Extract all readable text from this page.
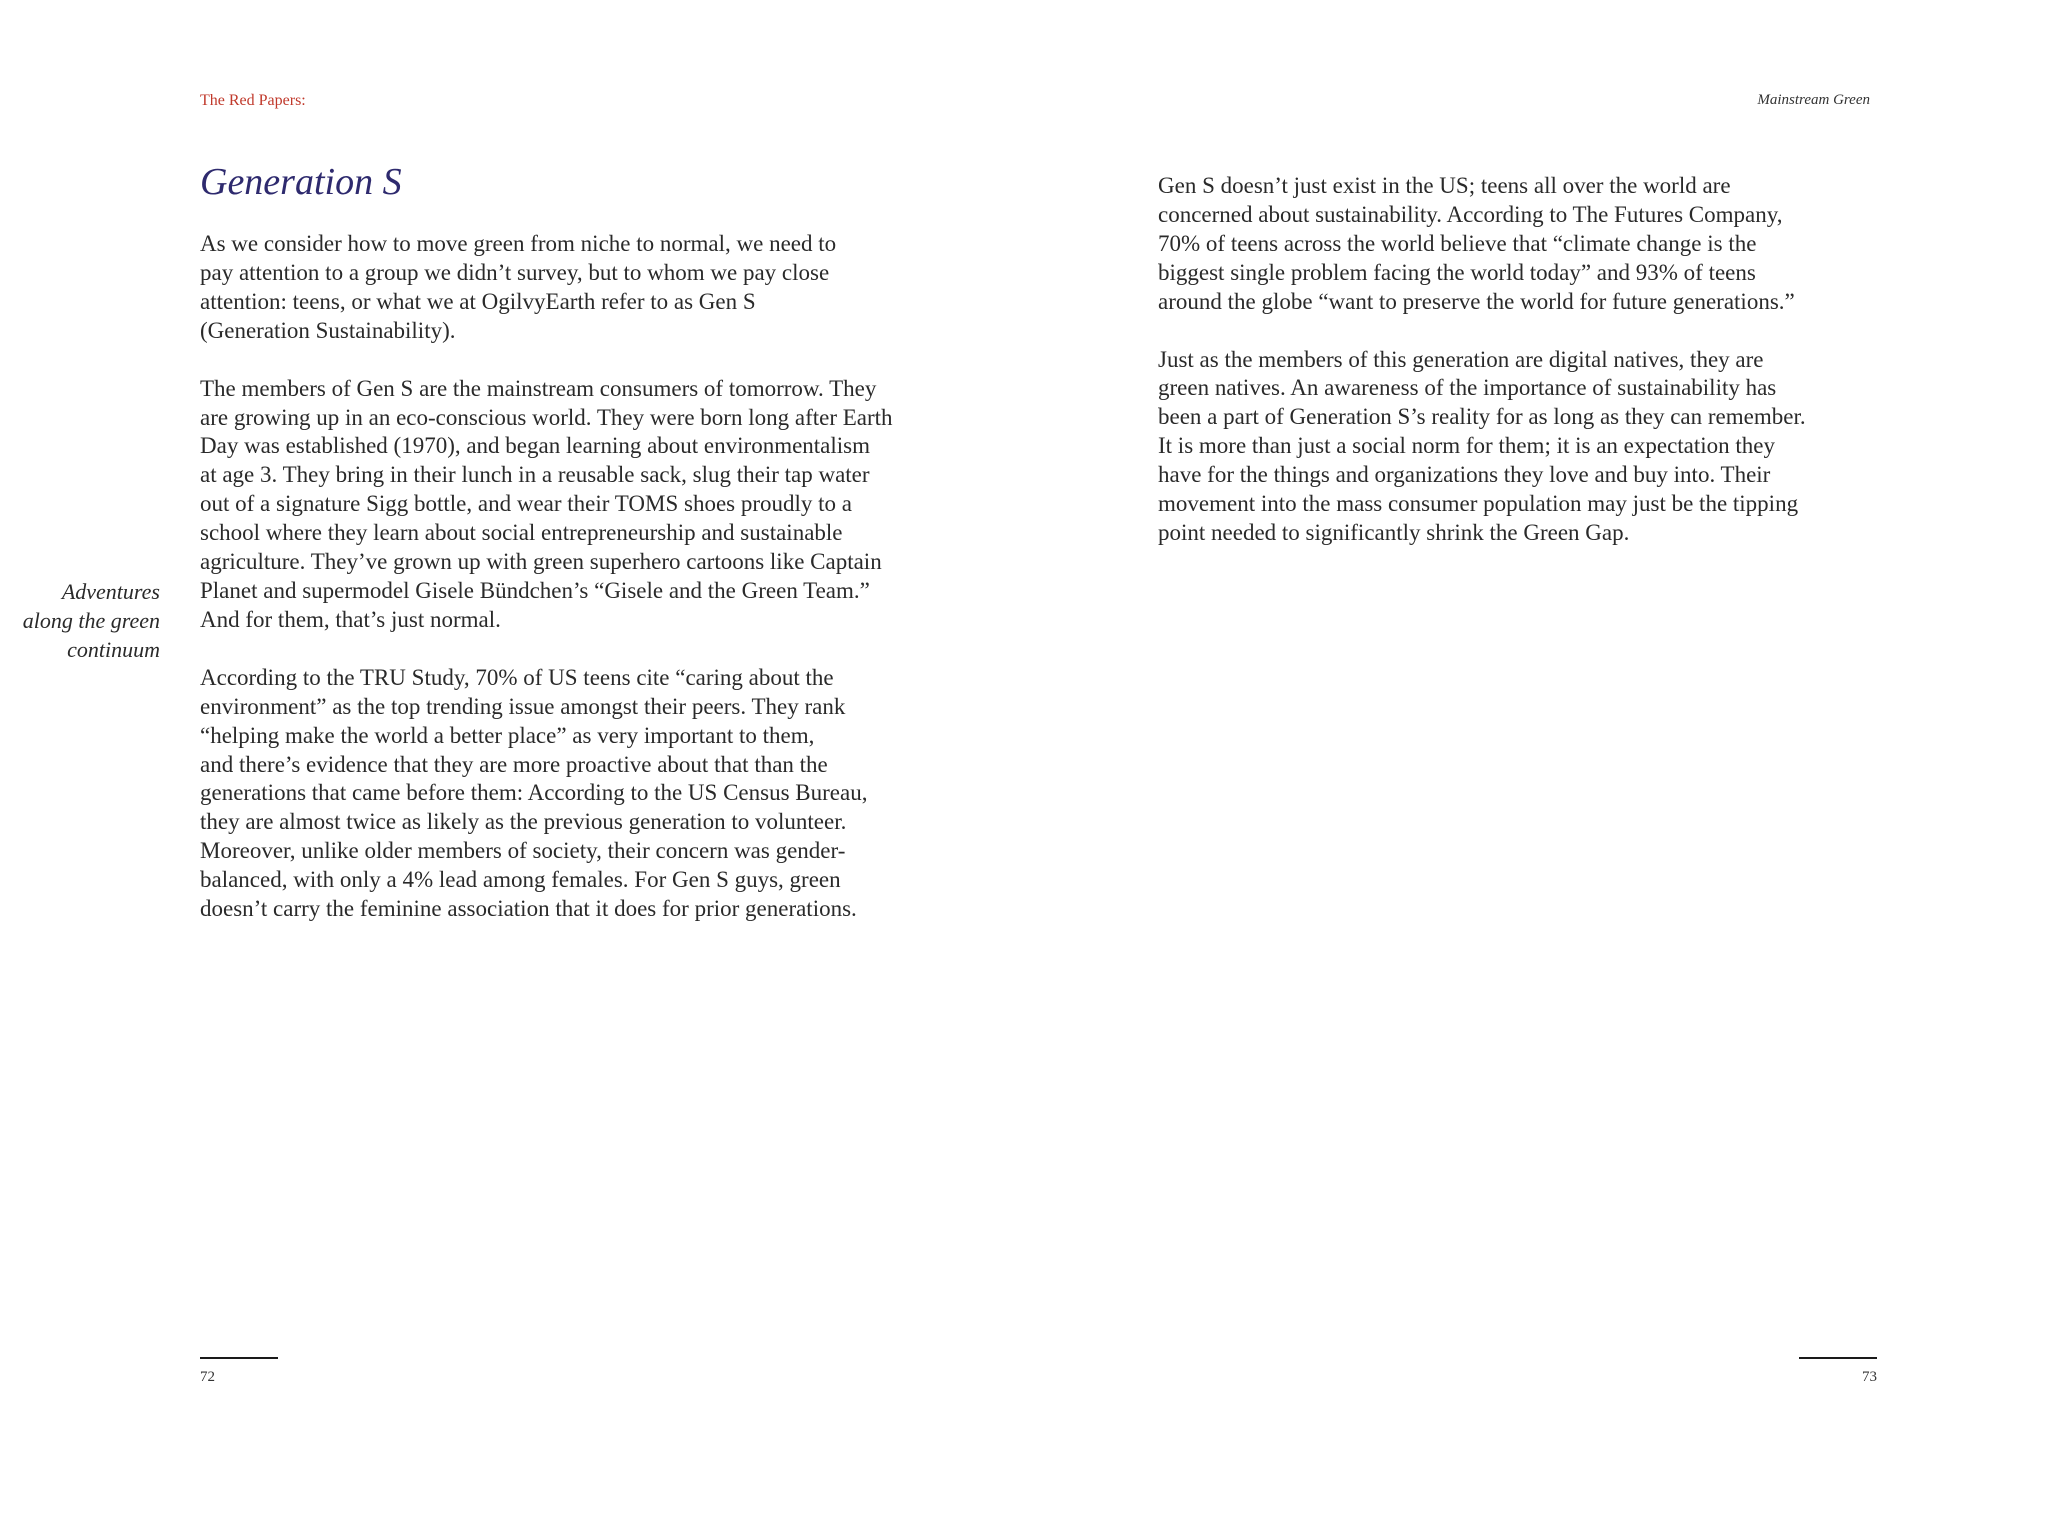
The Red Papers:	Mainstream Green
Generation S
Adventures
along the green
continuum

As we consider how to move green from niche to normal, we need to
pay attention to a group we didn’t survey, but to whom we pay close
attention: teens, or what we at OgilvyEarth refer to as Gen S
(Generation Sustainability).

The members of Gen S are the mainstream consumers of tomorrow. They
are growing up in an eco-conscious world. They were born long after Earth
Day was established (1970), and began learning about environmentalism
at age 3. They bring in their lunch in a reusable sack, slug their tap water
out of a signature Sigg bottle, and wear their TOMS shoes proudly to a
school where they learn about social entrepreneurship and sustainable
agriculture. They’ve grown up with green superhero cartoons like Captain
Planet and supermodel Gisele Bündchen’s “Gisele and the Green Team.”
And for them, that’s just normal.

According to the TRU Study, 70% of US teens cite “caring about the
environment” as the top trending issue amongst their peers. They rank
“helping make the world a better place” as very important to them,
and there’s evidence that they are more proactive about that than the
generations that came before them: According to the US Census Bureau,
they are almost twice as likely as the previous generation to volunteer.
Moreover, unlike older members of society, their concern was gender-
balanced, with only a 4% lead among females. For Gen S guys, green
doesn’t carry the feminine association that it does for prior generations.

Gen S doesn’t just exist in the US; teens all over the world are
concerned about sustainability. According to The Futures Company,
70% of teens across the world believe that “climate change is the
biggest single problem facing the world today” and 93% of teens
around the globe “want to preserve the world for future generations.”

Just as the members of this generation are digital natives, they are
green natives. An awareness of the importance of sustainability has
been a part of Generation S’s reality for as long as they can remember.
It is more than just a social norm for them; it is an expectation they
have for the things and organizations they love and buy into. Their
movement into the mass consumer population may just be the tipping
point needed to significantly shrink the Green Gap.

72	73
